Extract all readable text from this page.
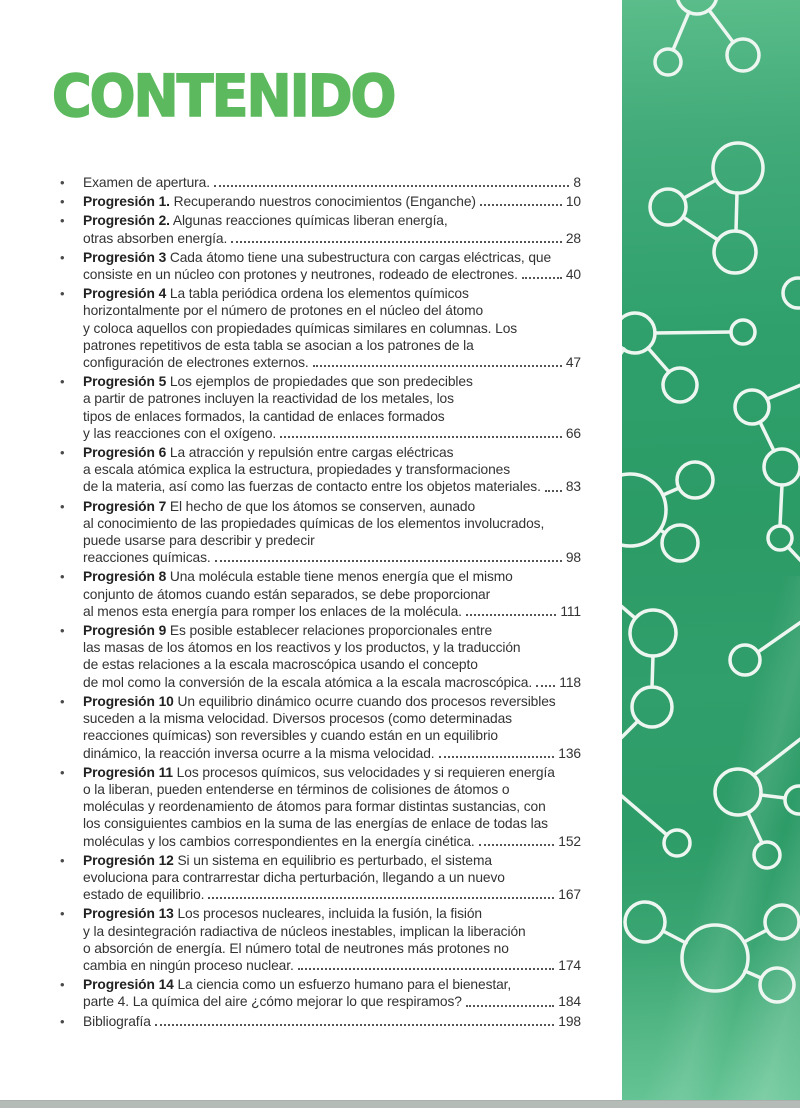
CONTENIDO
• Examen de apertura.	8
• Progresión 1. Recuperando nuestros conocimientos (Enganche)	10
• Progresión 2. Algunas reacciones químicas liberan energía,
otras absorben energía.	28
• Progresión 3 Cada átomo tiene una subestructura con cargas eléctricas, que
consiste en un núcleo con protones y neutrones, rodeado de electrones.	40
• Progresión 4 La tabla periódica ordena los elementos químicos
horizontalmente por el número de protones en el núcleo del átomo
y coloca aquellos con propiedades químicas similares en columnas. Los
patrones repetitivos de esta tabla se asocian a los patrones de la
configuración de electrones externos.	47
• Progresión 5 Los ejemplos de propiedades que son predecibles
a partir de patrones incluyen la reactividad de los metales, los
tipos de enlaces formados, la cantidad de enlaces formados
y las reacciones con el oxígeno.	66
• Progresión 6 La atracción y repulsión entre cargas eléctricas
a escala atómica explica la estructura, propiedades y transformaciones
de la materia, así como las fuerzas de contacto entre los objetos materiales. 83
• Progresión 7 El hecho de que los átomos se conserven, aunado
al conocimiento de las propiedades químicas de los elementos involucrados,
puede usarse para describir y predecir
reacciones químicas.	98
• Progresión 8 Una molécula estable tiene menos energía que el mismo
conjunto de átomos cuando están separados, se debe proporcionar
al menos esta energía para romper los enlaces de la molécula.	111
• Progresión 9 Es posible establecer relaciones proporcionales entre
las masas de los átomos en los reactivos y los productos, y la traducción
de estas relaciones a la escala macroscópica usando el concepto
de mol como la conversión de la escala atómica a la escala macroscópica. 118
• Progresión 10 Un equilibrio dinámico ocurre cuando dos procesos reversibles
suceden a la misma velocidad. Diversos procesos (como determinadas
reacciones químicas) son reversibles y cuando están en un equilibrio
dinámico, la reacción inversa ocurre a la misma velocidad.	136
• Progresión 11 Los procesos químicos, sus velocidades y si requieren energía
o la liberan, pueden entenderse en términos de colisiones de átomos o
moléculas y reordenamiento de átomos para formar distintas sustancias, con
los consiguientes cambios en la suma de las energías de enlace de todas las
moléculas y los cambios correspondientes en la energía cinética.	152
• Progresión 12 Si un sistema en equilibrio es perturbado, el sistema
evoluciona para contrarrestar dicha perturbación, llegando a un nuevo
estado de equilibrio.	167
• Progresión 13 Los procesos nucleares, incluida la fusión, la fisión
y la desintegración radiactiva de núcleos inestables, implican la liberación
o absorción de energía. El número total de neutrones más protones no
cambia en ningún proceso nuclear.	174
• Progresión 14 La ciencia como un esfuerzo humano para el bienestar,
parte 4. La química del aire ¿cómo mejorar lo que respiramos?	184
• Bibliografía	198
